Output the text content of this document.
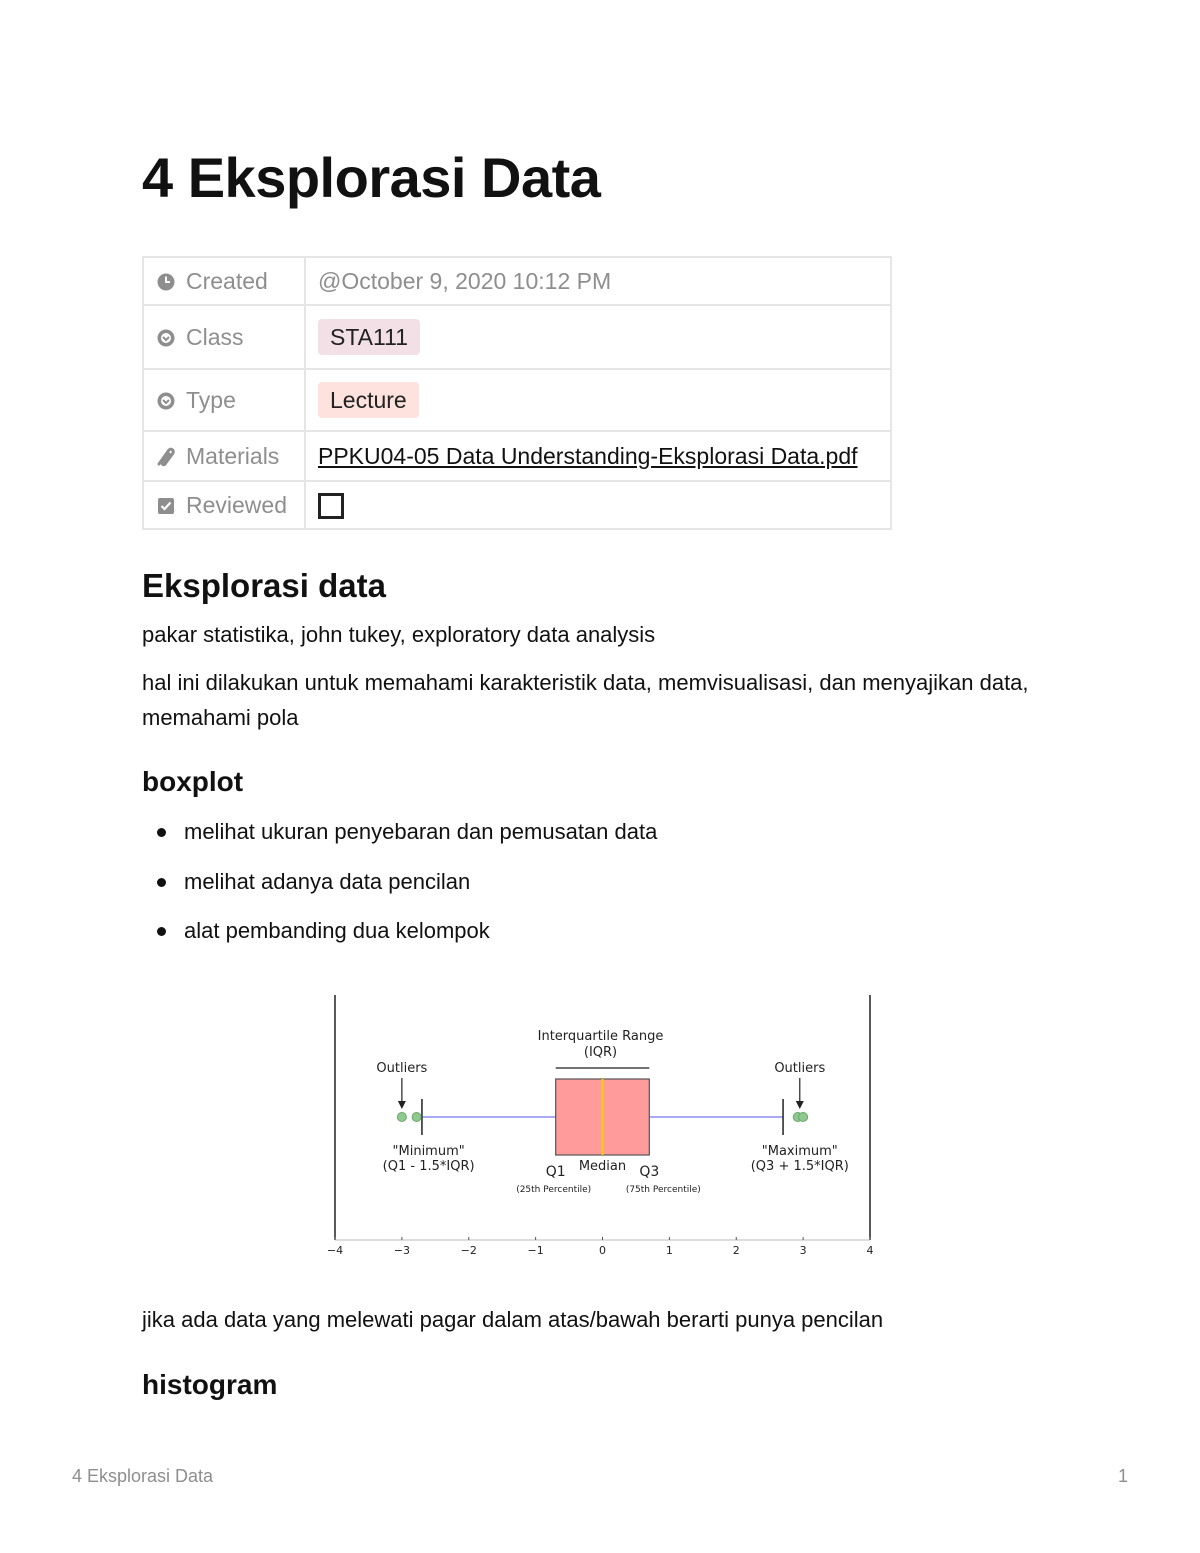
4 Eksplorasi Data
Created	@October 9, 2020 10:12 PM
Class	STA111
Type	Lecture
Materials	PPKU04-05 Data Understanding-Eksplorasi Data.pdf
Reviewed	
Eksplorasi data

pakar statistika, john tukey, exploratory data analysis

hal ini dilakukan untuk memahami karakteristik data, memvisualisasi, dan menyajikan data, memahami pola

boxplot
melihat ukuran penyebaran dan pemusatan data
melihat adanya data pencilan
alat pembanding dua kelompok
−4	−3	−2	−1	0	1	2	3	4
Interquartile Range
(IQR)
Outliers	Outliers
"Minimum"
(Q1 - 1.5*IQR)
"Maximum"
(Q3 + 1.5*IQR)
Q1 Median Q3
(25th Percentile)	(75th Percentile)

jika ada data yang melewati pagar dalam atas/bawah berarti punya pencilan

histogram
4 Eksplorasi Data	1
